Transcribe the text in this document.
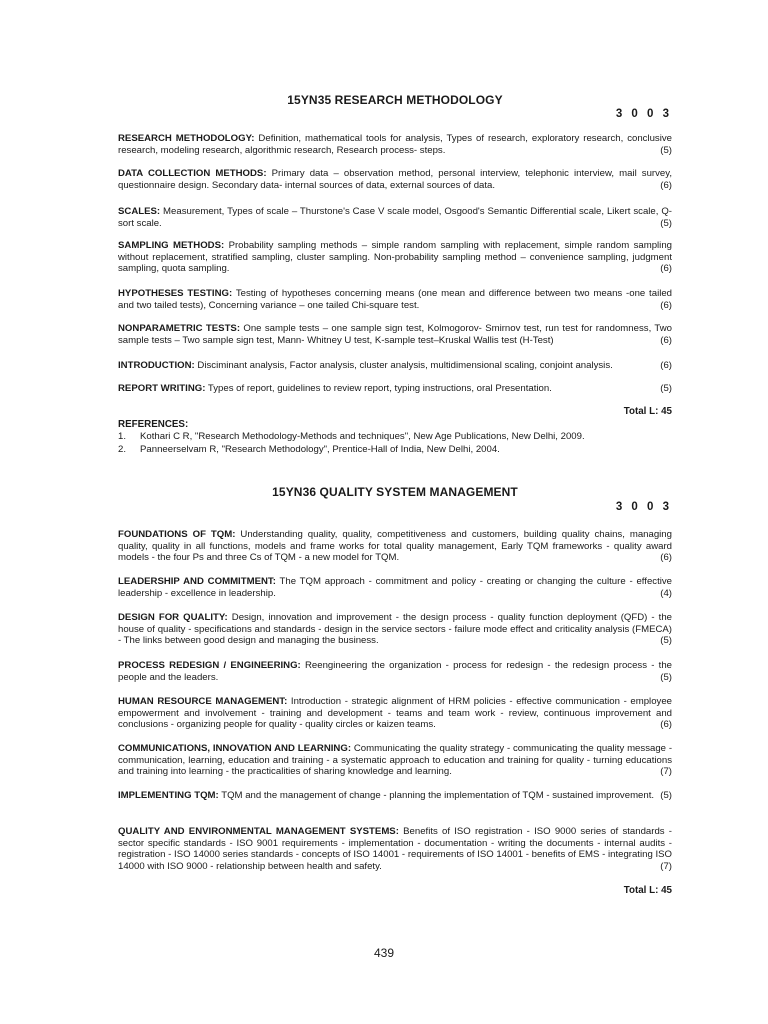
15YN35 RESEARCH METHODOLOGY
3 0 0 3
RESEARCH METHODOLOGY: Definition, mathematical tools for analysis, Types of research, exploratory research, conclusive research, modeling research, algorithmic research, Research process- steps.	(5)
DATA COLLECTION METHODS: Primary data – observation method, personal interview, telephonic interview, mail survey, questionnaire design. Secondary data- internal sources of data, external sources of data.	(6)
SCALES: Measurement, Types of scale – Thurstone's Case V scale model, Osgood's Semantic Differential scale, Likert scale, Q- sort scale.	(5)
SAMPLING METHODS: Probability sampling methods – simple random sampling with replacement, simple random sampling without replacement, stratified sampling, cluster sampling. Non-probability sampling method – convenience sampling, judgment sampling, quota sampling.	(6)
HYPOTHESES TESTING: Testing of hypotheses concerning means (one mean and difference between two means -one tailed and two tailed tests), Concerning variance – one tailed Chi-square test.	(6)
NONPARAMETRIC TESTS: One sample tests – one sample sign test, Kolmogorov- Smirnov test, run test for randomness, Two sample tests – Two sample sign test, Mann- Whitney U test, K-sample test–Kruskal Wallis test (H-Test)	(6)
INTRODUCTION: Disciminant analysis, Factor analysis, cluster analysis, multidimensional scaling, conjoint analysis.	(6)
REPORT WRITING: Types of report, guidelines to review report, typing instructions, oral Presentation.	(5)
Total L: 45
REFERENCES:
1. Kothari C R, "Research Methodology-Methods and techniques", New Age Publications, New Delhi, 2009.
2. Panneerselvam R, "Research Methodology", Prentice-Hall of India, New Delhi, 2004.
15YN36 QUALITY SYSTEM MANAGEMENT
3 0 0 3
FOUNDATIONS OF TQM: Understanding quality, quality, competitiveness and customers, building quality chains, managing quality, quality in all functions, models and frame works for total quality management, Early TQM frameworks - quality award models - the four Ps and three Cs of TQM - a new model for TQM.	(6)
LEADERSHIP AND COMMITMENT: The TQM approach - commitment and policy - creating or changing the culture - effective leadership - excellence in leadership.	(4)
DESIGN FOR QUALITY: Design, innovation and improvement - the design process - quality function deployment (QFD) - the house of quality - specifications and standards - design in the service sectors - failure mode effect and criticality analysis (FMECA) - The links between good design and managing the business.	(5)
PROCESS REDESIGN / ENGINEERING: Reengineering the organization - process for redesign - the redesign process - the people and the leaders.	(5)
HUMAN RESOURCE MANAGEMENT: Introduction - strategic alignment of HRM policies - effective communication - employee empowerment and involvement - training and development - teams and team work - review, continuous improvement and conclusions - organizing people for quality - quality circles or kaizen teams.	(6)
COMMUNICATIONS, INNOVATION AND LEARNING: Communicating the quality strategy - communicating the quality message - communication, learning, education and training - a systematic approach to education and training for quality - turning educations and training into learning - the practicalities of sharing knowledge and learning.	(7)
IMPLEMENTING TQM: TQM and the management of change - planning the implementation of TQM - sustained improvement. (5)
QUALITY AND ENVIRONMENTAL MANAGEMENT SYSTEMS: Benefits of ISO registration - ISO 9000 series of standards - sector specific standards - ISO 9001 requirements - implementation - documentation - writing the documents - internal audits - registration - ISO 14000 series standards - concepts of ISO 14001 - requirements of ISO 14001 - benefits of EMS - integrating ISO 14000 with ISO 9000 - relationship between health and safety.	(7)
Total L: 45
439
